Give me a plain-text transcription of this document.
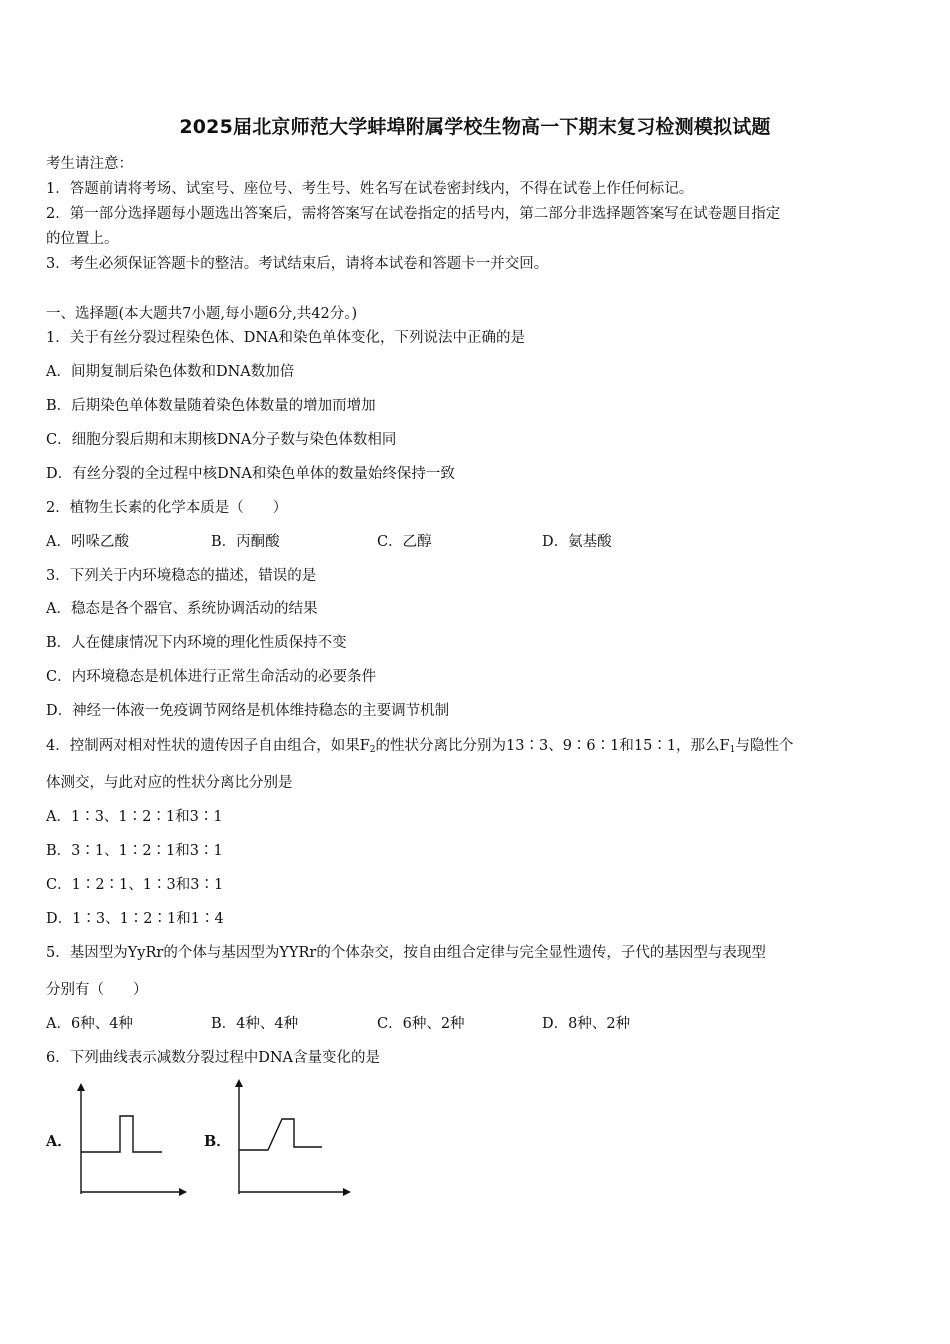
2025届北京师范大学蚌埠附属学校生物高一下期末复习检测模拟试题
考生请注意：
1．答题前请将考场、试室号、座位号、考生号、姓名写在试卷密封线内，不得在试卷上作任何标记。
2．第一部分选择题每小题选出答案后，需将答案写在试卷指定的括号内，第二部分非选择题答案写在试卷题目指定
的位置上。
3．考生必须保证答题卡的整洁。考试结束后，请将本试卷和答题卡一并交回。
一、选择题(本大题共7小题,每小题6分,共42分。)
1．关于有丝分裂过程染色体、DNA和染色单体变化，下列说法中正确的是
A．间期复制后染色体数和DNA数加倍
B．后期染色单体数量随着染色体数量的增加而增加
C．细胞分裂后期和末期核DNA分子数与染色体数相同
D．有丝分裂的全过程中核DNA和染色单体的数量始终保持一致
2．植物生长素的化学本质是（　　）
A．吲哚乙酸	B．丙酮酸	C．乙醇	D．氨基酸
3．下列关于内环境稳态的描述，错误的是
A．稳态是各个器官、系统协调活动的结果
B．人在健康情况下内环境的理化性质保持不变
C．内环境稳态是机体进行正常生命活动的必要条件
D．神经一体液一免疫调节网络是机体维持稳态的主要调节机制
4．控制两对相对性状的遗传因子自由组合，如果$F_2$的性状分离比分别为13∶3、9∶6∶1和15∶1，那么$F_1$与隐性个
体测交，与此对应的性状分离比分别是
A．1∶3、1∶2∶1和3∶1
B．3∶1、1∶2∶1和3∶1
C．1∶2∶1、1∶3和3∶1
D．1∶3、1∶2∶1和1∶4
5．基因型为YyRr的个体与基因型为YYRr的个体杂交，按自由组合定律与完全显性遗传，子代的基因型与表现型
分别有（　　）
A．6种、4种	B．4种、4种	C．6种、2种	D．8种、2种
6．下列曲线表示减数分裂过程中DNA含量变化的是
A．	B．
